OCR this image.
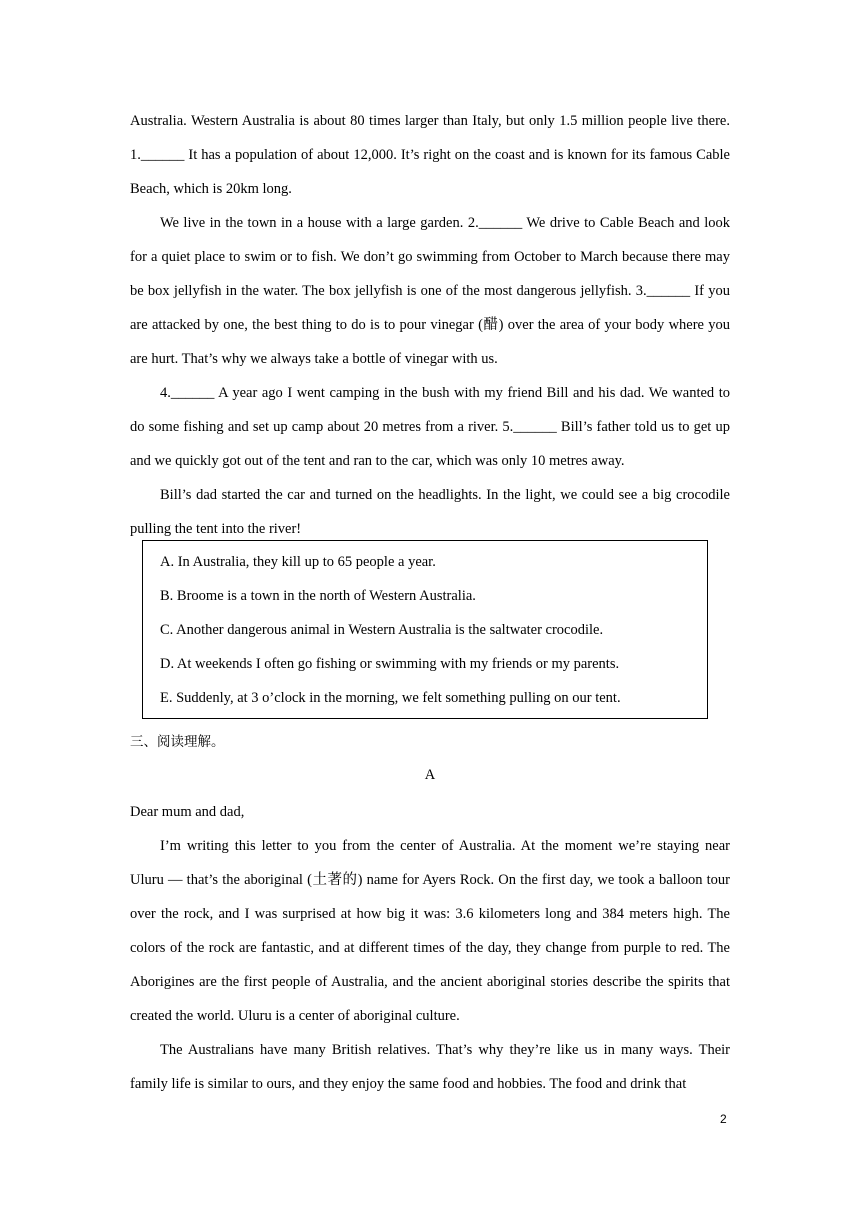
Australia. Western Australia is about 80 times larger than Italy, but only 1.5 million people live there. 1.______ It has a population of about 12,000. It’s right on the coast and is known for its famous Cable Beach, which is 20km long.

We live in the town in a house with a large garden. 2.______ We drive to Cable Beach and look for a quiet place to swim or to fish. We don’t go swimming from October to March because there may be box jellyfish in the water. The box jellyfish is one of the most dangerous jellyfish. 3.______ If you are attacked by one, the best thing to do is to pour vinegar (醋) over the area of your body where you are hurt. That’s why we always take a bottle of vinegar with us.

4.______ A year ago I went camping in the bush with my friend Bill and his dad. We wanted to do some fishing and set up camp about 20 metres from a river. 5.______ Bill’s father told us to get up and we quickly got out of the tent and ran to the car, which was only 10 metres away.

Bill’s dad started the car and turned on the headlights. In the light, we could see a big crocodile pulling the tent into the river!

A. In Australia, they kill up to 65 people a year.
B. Broome is a town in the north of Western Australia.
C. Another dangerous animal in Western Australia is the saltwater crocodile.
D. At weekends I often go fishing or swimming with my friends or my parents.
E. Suddenly, at 3 o’clock in the morning, we felt something pulling on our tent.
三、阅读理解。
A

Dear mum and dad,

I’m writing this letter to you from the center of Australia. At the moment we’re staying near Uluru — that’s the aboriginal (土著的) name for Ayers Rock. On the first day, we took a balloon tour over the rock, and I was surprised at how big it was: 3.6 kilometers long and 384 meters high. The colors of the rock are fantastic, and at different times of the day, they change from purple to red. The Aborigines are the first people of Australia, and the ancient aboriginal stories describe the spirits that created the world. Uluru is a center of aboriginal culture.

The Australians have many British relatives. That’s why they’re like us in many ways. Their family life is similar to ours, and they enjoy the same food and hobbies. The food and drink that

2
